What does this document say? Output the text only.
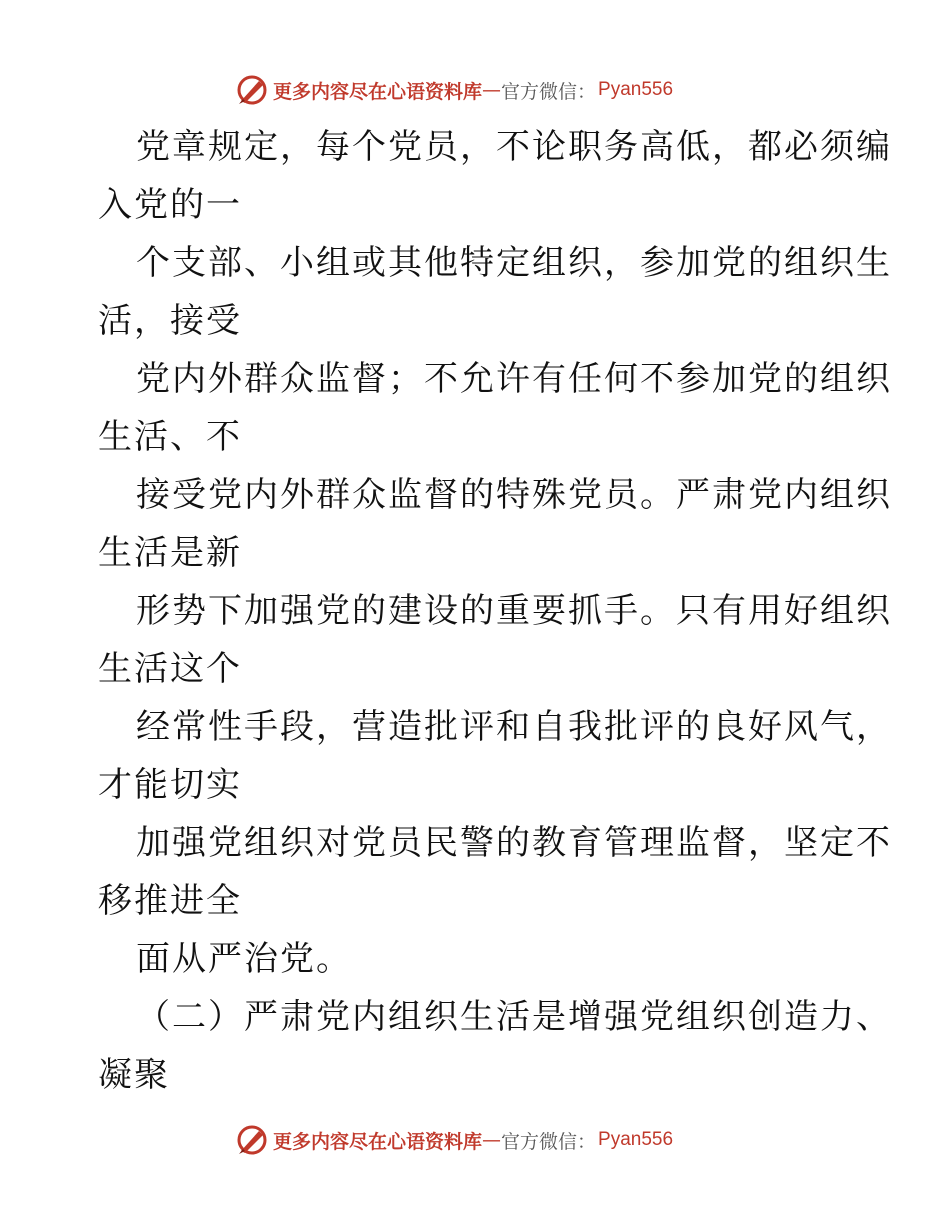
更多内容尽在心语资料库 — 官方微信： Pyan556
党章规定，每个党员，不论职务高低，都必须编
入党的一
个支部、小组或其他特定组织，参加党的组织生
活，接受
党内外群众监督；不允许有任何不参加党的组织
生活、不
接受党内外群众监督的特殊党员。严肃党内组织
生活是新
形势下加强党的建设的重要抓手。只有用好组织
生活这个
经常性手段，营造批评和自我批评的良好风气，
才能切实
加强党组织对党员民警的教育管理监督，坚定不
移推进全
面从严治党。
（二）严肃党内组织生活是增强党组织创造力、
凝聚
更多内容尽在心语资料库 — 官方微信： Pyan556
